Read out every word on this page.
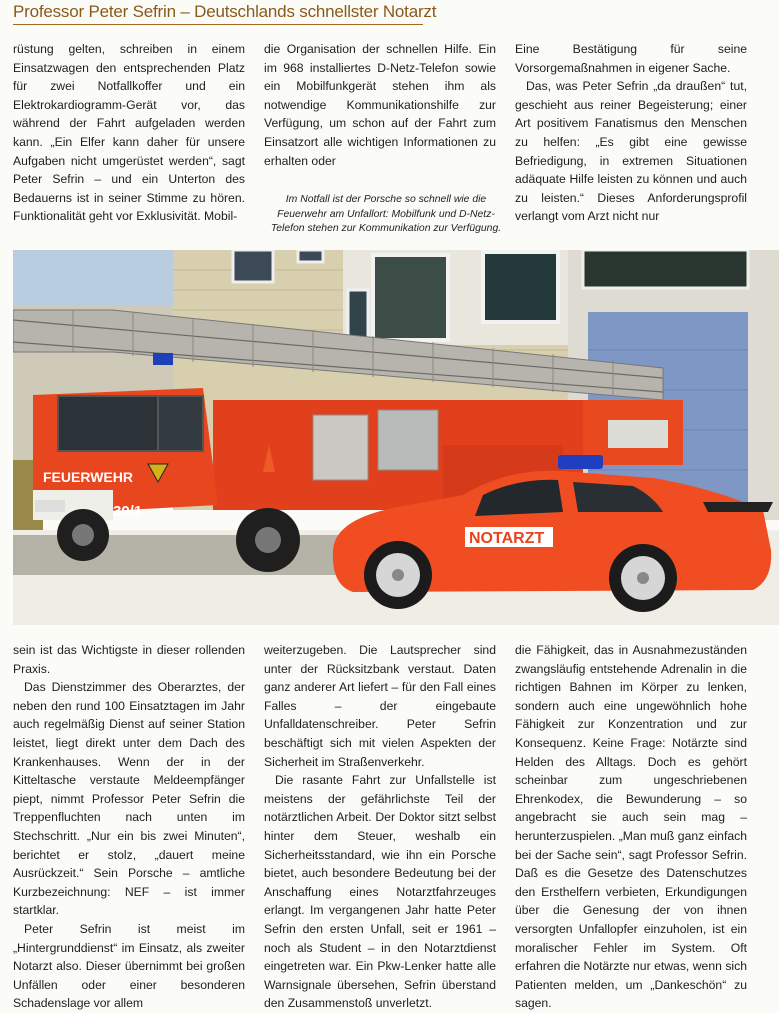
Professor Peter Sefrin – Deutschlands schnellster Notarzt

rüstung gelten, schreiben in einem Einsatzwagen den entsprechenden Platz für zwei Notfallkoffer und ein Elektrokardiogramm-Gerät vor, das während der Fahrt aufgeladen werden kann. „Ein Elfer kann daher für unsere Aufgaben nicht umgerüstet werden“, sagt Peter Sefrin – und ein Unterton des Bedauerns ist in seiner Stimme zu hören. Funktionalität geht vor Exklusivität. Mobil-

die Organisation der schnellen Hilfe. Ein im 968 installiertes D-Netz-Telefon sowie ein Mobilfunkgerät stehen ihm als notwendige Kommunikationshilfe zur Verfügung, um schon auf der Fahrt zum Einsatzort alle wichtigen Informationen zu erhalten oder

Eine Bestätigung für seine Vorsorgemaßnahmen in eigener Sache.

Das, was Peter Sefrin „da draußen“ tut, geschieht aus reiner Begeisterung; einer Art positivem Fanatismus den Menschen zu helfen: „Es gibt eine gewisse Befriedigung, in extremen Situationen adäquate Hilfe leisten zu können und auch zu leisten.“ Dieses Anforderungsprofil verlangt vom Arzt nicht nur

Im Notfall ist der Porsche so schnell wie die Feuerwehr am Unfallort: Mobilfunk und D-Netz-Telefon stehen zur Kommunikation zur Verfügung.
FEUERWEHR
30/1
NOTARZT

sein ist das Wichtigste in dieser rollenden Praxis.

Das Dienstzimmer des Oberarztes, der neben den rund 100 Einsatztagen im Jahr auch regelmäßig Dienst auf seiner Station leistet, liegt direkt unter dem Dach des Krankenhauses. Wenn der in der Kitteltasche verstaute Meldeempfänger piept, nimmt Professor Peter Sefrin die Treppenfluchten nach unten im Stechschritt. „Nur ein bis zwei Minuten“, berichtet er stolz, „dauert meine Ausrückzeit.“ Sein Porsche – amtliche Kurzbezeichnung: NEF – ist immer startklar.

Peter Sefrin ist meist im „Hintergrunddienst“ im Einsatz, als zweiter Notarzt also. Dieser übernimmt bei großen Unfällen oder einer besonderen Schadenslage vor allem

weiterzugeben. Die Lautsprecher sind unter der Rücksitzbank verstaut. Daten ganz anderer Art liefert – für den Fall eines Falles – der eingebaute Unfalldatenschreiber. Peter Sefrin beschäftigt sich mit vielen Aspekten der Sicherheit im Straßenverkehr.

Die rasante Fahrt zur Unfallstelle ist meistens der gefährlichste Teil der notärztlichen Arbeit. Der Doktor sitzt selbst hinter dem Steuer, weshalb ein Sicherheitsstandard, wie ihn ein Porsche bietet, auch besondere Bedeutung bei der Anschaffung eines Notarztfahrzeuges erlangt. Im vergangenen Jahr hatte Peter Sefrin den ersten Unfall, seit er 1961 – noch als Student – in den Notarztdienst eingetreten war. Ein Pkw-Lenker hatte alle Warnsignale übersehen, Sefrin überstand den Zusammenstoß unverletzt.

die Fähigkeit, das in Ausnahmezuständen zwangsläufig entstehende Adrenalin in die richtigen Bahnen im Körper zu lenken, sondern auch eine ungewöhnlich hohe Fähigkeit zur Konzentration und zur Konsequenz. Keine Frage: Notärzte sind Helden des Alltags. Doch es gehört scheinbar zum ungeschriebenen Ehrenkodex, die Bewunderung – so angebracht sie auch sein mag – herunterzuspielen. „Man muß ganz einfach bei der Sache sein“, sagt Professor Sefrin. Daß es die Gesetze des Datenschutzes den Ersthelfern verbieten, Erkundigungen über die Genesung der von ihnen versorgten Unfallopfer einzuholen, ist ein moralischer Fehler im System. Oft erfahren die Notärzte nur etwas, wenn sich Patienten melden, um „Dankeschön“ zu sagen.
